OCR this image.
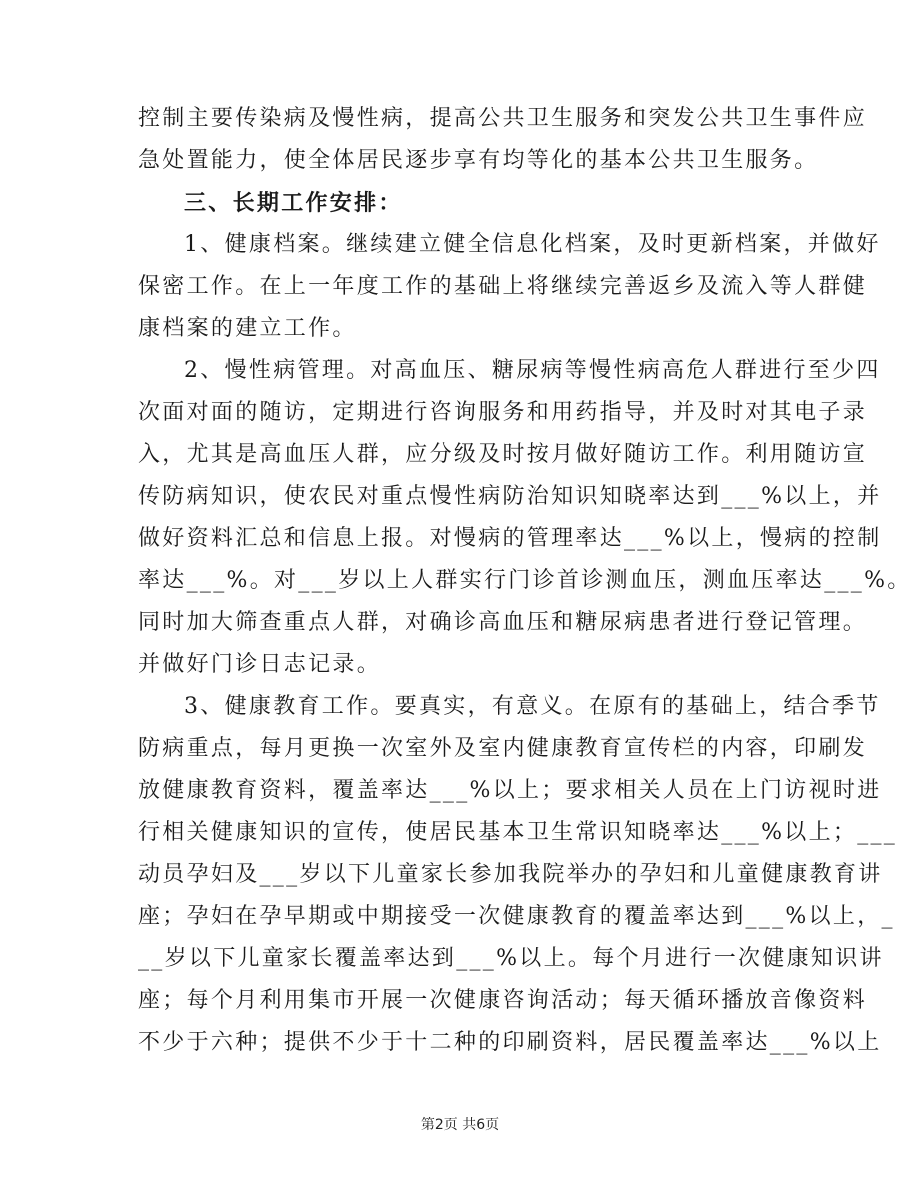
控制主要传染病及慢性病，提高公共卫生服务和突发公共卫生事件应
急处置能力，使全体居民逐步享有均等化的基本公共卫生服务。
三、长期工作安排：
1、健康档案。继续建立健全信息化档案，及时更新档案，并做好
保密工作。在上一年度工作的基础上将继续完善返乡及流入等人群健
康档案的建立工作。
2、慢性病管理。对高血压、糖尿病等慢性病高危人群进行至少四
次面对面的随访，定期进行咨询服务和用药指导，并及时对其电子录
入，尤其是高血压人群，应分级及时按月做好随访工作。利用随访宣
传防病知识，使农民对重点慢性病防治知识知晓率达到___%以上，并
做好资料汇总和信息上报。对慢病的管理率达___%以上，慢病的控制
率达___%。对___岁以上人群实行门诊首诊测血压，测血压率达___%。
同时加大筛查重点人群，对确诊高血压和糖尿病患者进行登记管理。
并做好门诊日志记录。
3、健康教育工作。要真实，有意义。在原有的基础上，结合季节
防病重点，每月更换一次室外及室内健康教育宣传栏的内容，印刷发
放健康教育资料，覆盖率达___%以上；要求相关人员在上门访视时进
行相关健康知识的宣传，使居民基本卫生常识知晓率达___%以上；___
动员孕妇及___岁以下儿童家长参加我院举办的孕妇和儿童健康教育讲
座；孕妇在孕早期或中期接受一次健康教育的覆盖率达到___%以上，_
__岁以下儿童家长覆盖率达到___%以上。每个月进行一次健康知识讲
座；每个月利用集市开展一次健康咨询活动；每天循环播放音像资料
不少于六种；提供不少于十二种的印刷资料，居民覆盖率达___%以上
第2页 共6页
